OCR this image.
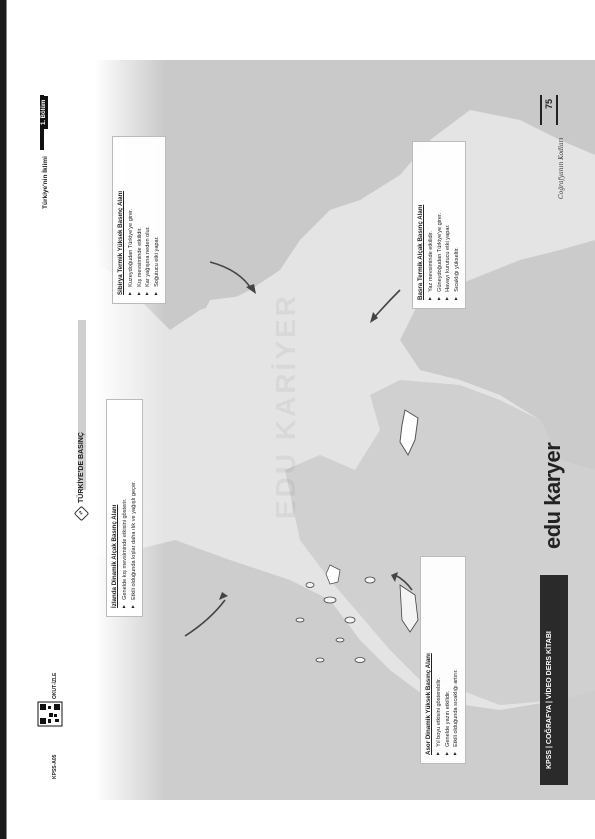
1. Bölüm
Türkiye'nin İklimi
2
TÜRKİYE'DE BASINÇ
75
Coğrafyanın Kodları
EDU KARİYER
KPSS | COĞRAFYA | VİDEO DERS KİTABI
edu karyer
OKUT-İZLE
KPSS-A05
İzlanda Dinamik Alçak Basınç Alanı ▶ Genelde kış mevsiminde etkisini gösterir. ▶ Etkili olduğunda kışlar daha ılık ve yağışlı geçer.
Sibirya Termik Yüksek Basınç Alanı ▶ Kuzeydoğudan Türkiye'ye girer. ▶ Kış mevsiminde etkilidir. ▶ Kar yağışına neden olur. ▶ Soğutucu etki yapar.
Asor Dinamik Yüksek Basınç Alanı ▶ Yıl boyu etkisini gösterebilir. ▶ Genelde yazın etkilidir. ▶ Etkili olduğunda sıcaklığı artırır.
Basra Termik Alçak Basınç Alanı ▶ Yaz mevsiminde etkilidir. ▶ Güneydoğudan Türkiye'ye girer. ▶ Havayı kurutucu etki yapar. ▶ Sıcaklığı yükseltir.
